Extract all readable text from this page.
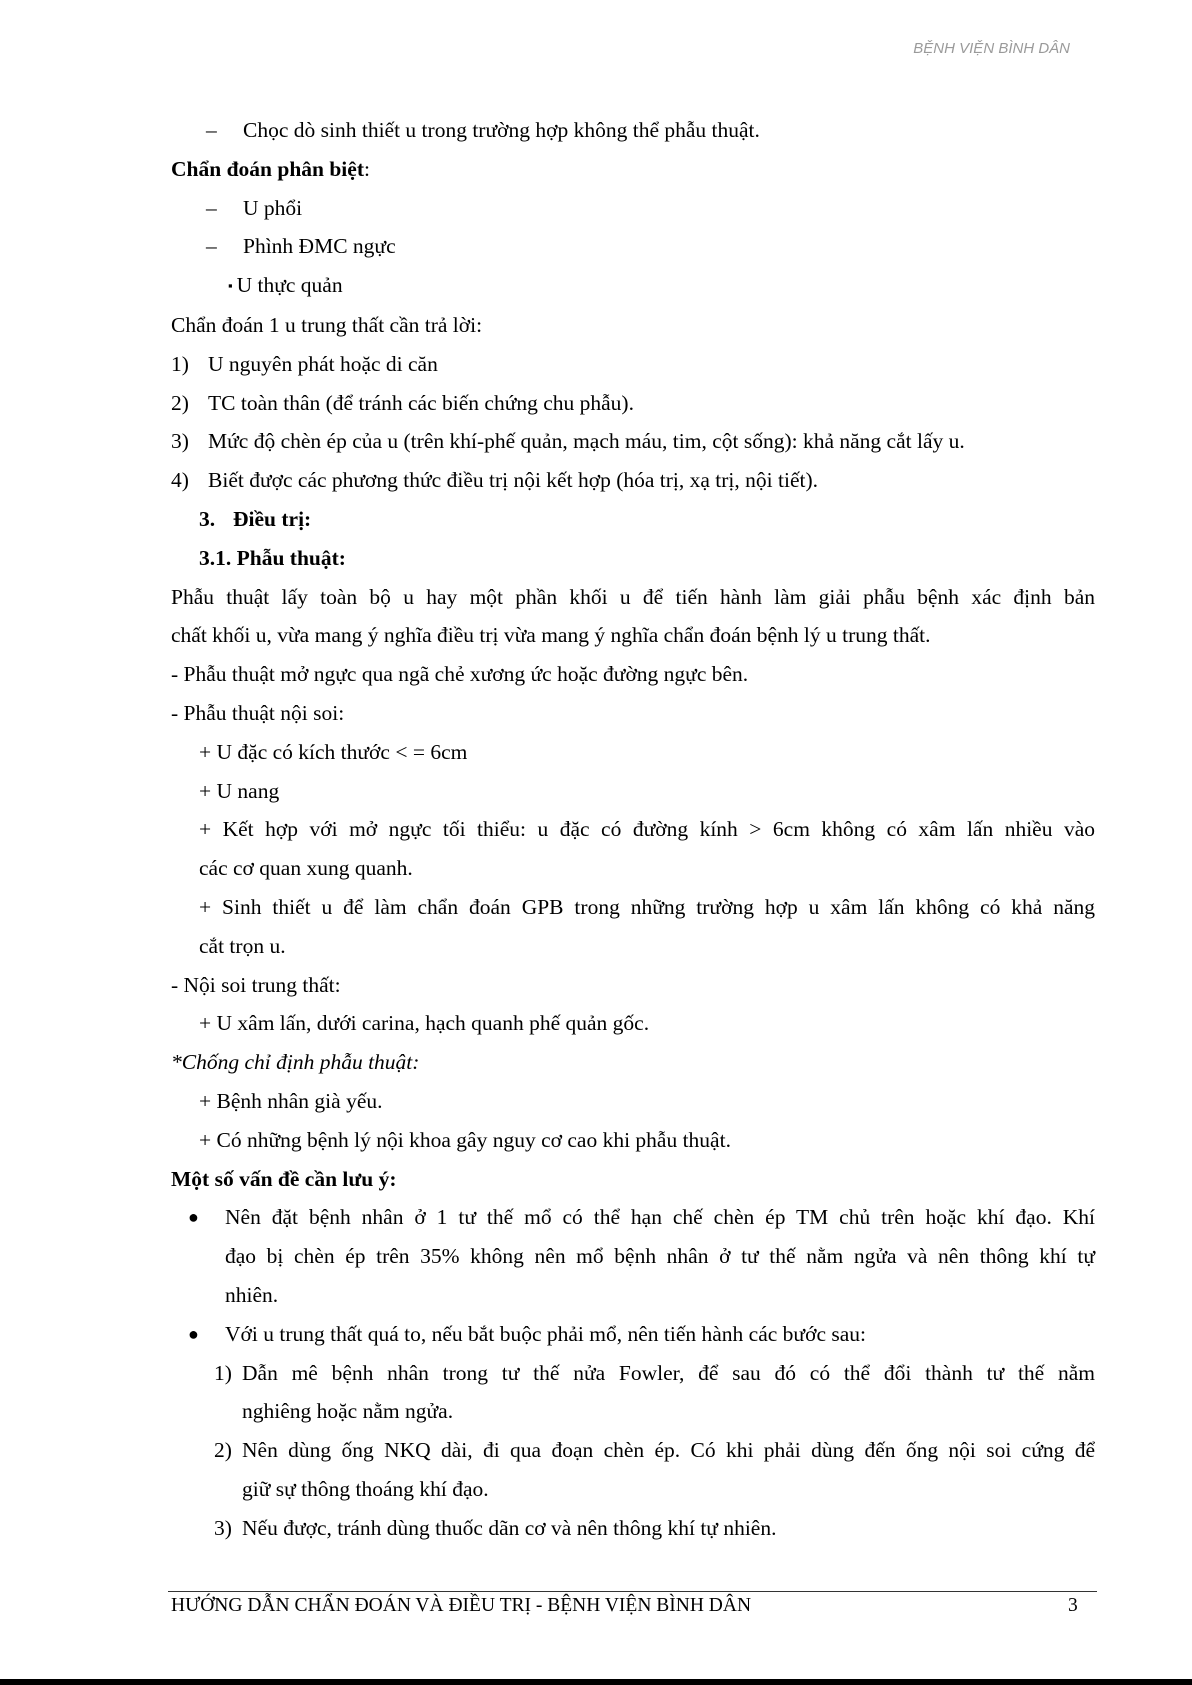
BỆNH VIỆN BÌNH DÂN
– Chọc dò sinh thiết u trong trường hợp không thể phẫu thuật.
Chẩn đoán phân biệt:
– U phổi
– Phình ĐMC ngực
▪ U thực quản
Chẩn đoán 1 u trung thất cần trả lời:
1) U nguyên phát hoặc di căn
2) TC toàn thân (để tránh các biến chứng chu phẫu).
3) Mức độ chèn ép của u (trên khí-phế quản, mạch máu, tim, cột sống): khả năng cắt lấy u.
4) Biết được các phương thức điều trị nội kết hợp (hóa trị, xạ trị, nội tiết).
3. Điều trị:
3.1. Phẫu thuật:
Phẫu thuật lấy toàn bộ u hay một phần khối u để tiến hành làm giải phẫu bệnh xác định bản
chất khối u, vừa mang ý nghĩa điều trị vừa mang ý nghĩa chẩn đoán bệnh lý u trung thất.
- Phẫu thuật mở ngực qua ngã chẻ xương ức hoặc đường ngực bên.
- Phẫu thuật nội soi:
+ U đặc có kích thước < = 6cm
+ U nang
+ Kết hợp với mở ngực tối thiểu: u đặc có đường kính > 6cm không có xâm lấn nhiều vào
các cơ quan xung quanh.
+ Sinh thiết u để làm chẩn đoán GPB trong những trường hợp u xâm lấn không có khả năng
cắt trọn u.
- Nội soi trung thất:
+ U xâm lấn, dưới carina, hạch quanh phế quản gốc.
*Chống chỉ định phẫu thuật:
+ Bệnh nhân già yếu.
+ Có những bệnh lý nội khoa gây nguy cơ cao khi phẫu thuật.
Một số vấn đề cần lưu ý:
● Nên đặt bệnh nhân ở 1 tư thế mổ có thể hạn chế chèn ép TM chủ trên hoặc khí đạo. Khí
đạo bị chèn ép trên 35% không nên mổ bệnh nhân ở tư thế nằm ngửa và nên thông khí tự
nhiên.
● Với u trung thất quá to, nếu bắt buộc phải mổ, nên tiến hành các bước sau:
1) Dẫn mê bệnh nhân trong tư thế nửa Fowler, để sau đó có thể đổi thành tư thế nằm
nghiêng hoặc nằm ngửa.
2) Nên dùng ống NKQ dài, đi qua đoạn chèn ép. Có khi phải dùng đến ống nội soi cứng để
giữ sự thông thoáng khí đạo.
3) Nếu được, tránh dùng thuốc dãn cơ và nên thông khí tự nhiên.
HƯỚNG DẪN CHẨN ĐOÁN VÀ ĐIỀU TRỊ - BỆNH VIỆN BÌNH DÂN	3
